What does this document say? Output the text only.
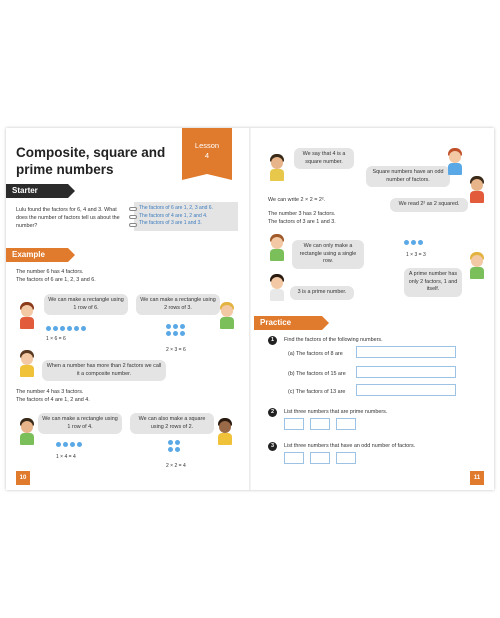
Composite, square and prime numbers
Lesson
4
Starter
Lulu found the factors for 6, 4 and 3. What does the number of factors tell us about the number?
The factors of 6 are 1, 2, 3 and 6.
The factors of 4 are 1, 2 and 4.
The factors of 3 are 1 and 3.
Example
The number 6 has 4 factors.
The factors of 6 are 1, 2, 3 and 6.
We can make a rectangle using 1 row of 6.
1 × 6 = 6
We can make a rectangle using 2 rows of 3.
2 × 3 = 6
When a number has more than 2 factors we call it a composite number.
The number 4 has 3 factors.
The factors of 4 are 1, 2 and 4.
We can make a rectangle using 1 row of 4.
1 × 4 = 4
We can also make a square using 2 rows of 2.
2 × 2 = 4
10
We say that 4 is a square number.
Square numbers have an odd number of factors.
We can write 2 × 2 = 2².
We read 2² as 2 squared.
The number 3 has 2 factors.
The factors of 3 are 1 and 3.
We can only make a rectangle using a single row.
1 × 3 = 3
A prime number has only 2 factors, 1 and itself.
3 is a prime number.
Practice
1	Find the factors of the following numbers.
(a) The factors of 8 are
(b) The factors of 15 are
(c) The factors of 13 are
2	List three numbers that are prime numbers.
3	List three numbers that have an odd number of factors.
11
